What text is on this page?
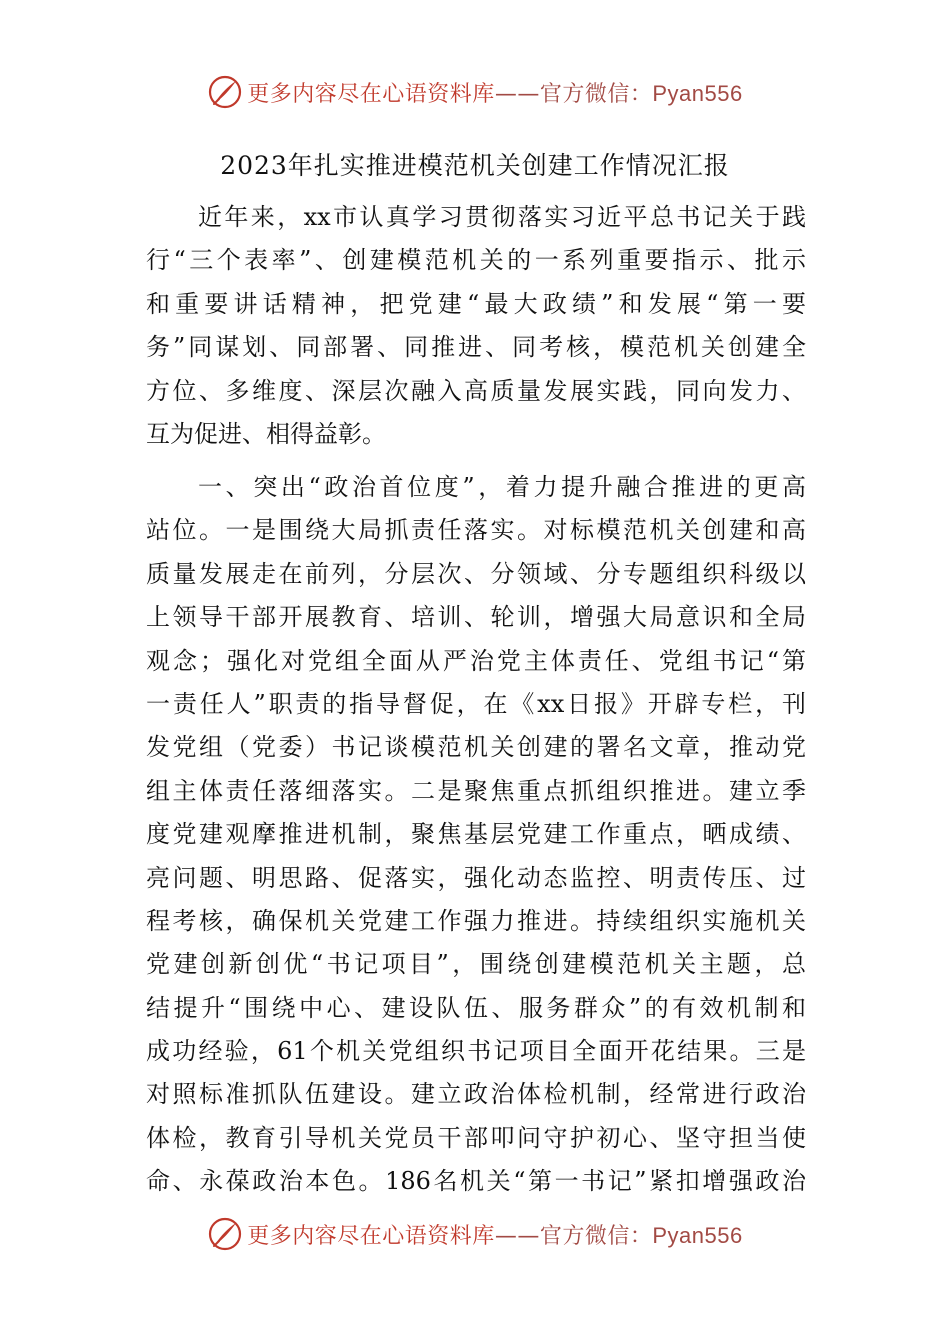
更多内容尽在心语资料库——官方微信：Pyan556
2023年扎实推进模范机关创建工作情况汇报
近年来，xx市认真学习贯彻落实习近平总书记关于践
行“三个表率”、创建模范机关的一系列重要指示、批示
和重要讲话精神，把党建“最大政绩”和发展“第一要
务”同谋划、同部署、同推进、同考核，模范机关创建全
方位、多维度、深层次融入高质量发展实践，同向发力、
互为促进、相得益彰。
一、突出“政治首位度”，着力提升融合推进的更高
站位。一是围绕大局抓责任落实。对标模范机关创建和高
质量发展走在前列，分层次、分领域、分专题组织科级以
上领导干部开展教育、培训、轮训，增强大局意识和全局
观念；强化对党组全面从严治党主体责任、党组书记“第
一责任人”职责的指导督促，在《xx日报》开辟专栏，刊
发党组（党委）书记谈模范机关创建的署名文章，推动党
组主体责任落细落实。二是聚焦重点抓组织推进。建立季
度党建观摩推进机制，聚焦基层党建工作重点，晒成绩、
亮问题、明思路、促落实，强化动态监控、明责传压、过
程考核，确保机关党建工作强力推进。持续组织实施机关
党建创新创优“书记项目”，围绕创建模范机关主题，总
结提升“围绕中心、建设队伍、服务群众”的有效机制和
成功经验，61个机关党组织书记项目全面开花结果。三是
对照标准抓队伍建设。建立政治体检机制，经常进行政治
体检，教育引导机关党员干部叩问守护初心、坚守担当使
命、永葆政治本色。186名机关“第一书记”紧扣增强政治
更多内容尽在心语资料库——官方微信：Pyan556
